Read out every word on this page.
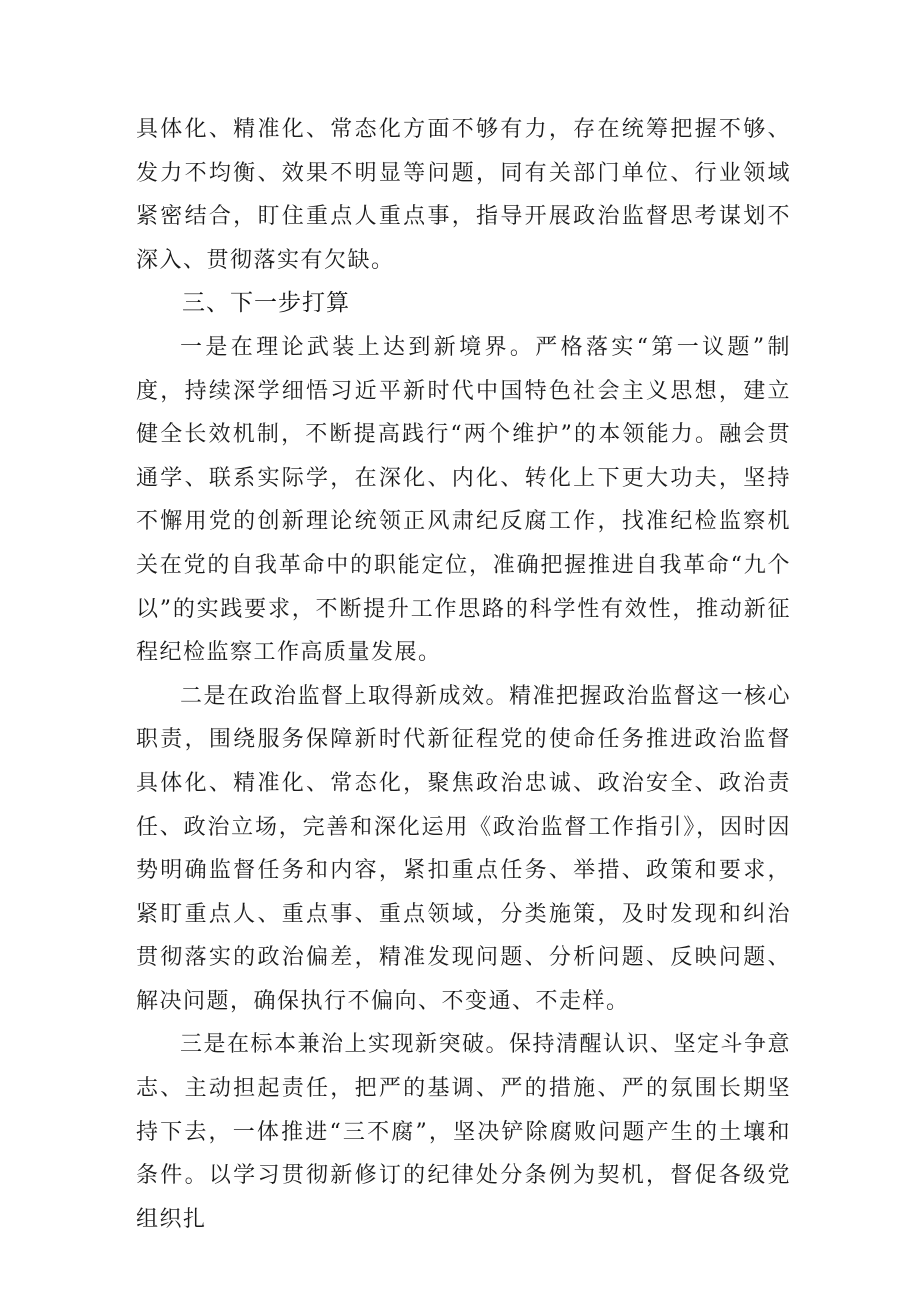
具体化、精准化、常态化方面不够有力，存在统筹把握不够、发力不均衡、效果不明显等问题，同有关部门单位、行业领域紧密结合，盯住重点人重点事，指导开展政治监督思考谋划不深入、贯彻落实有欠缺。

三、下一步打算

一是在理论武装上达到新境界。严格落实“第一议题”制度，持续深学细悟习近平新时代中国特色社会主义思想，建立健全长效机制，不断提高践行“两个维护”的本领能力。融会贯通学、联系实际学，在深化、内化、转化上下更大功夫，坚持不懈用党的创新理论统领正风肃纪反腐工作，找准纪检监察机关在党的自我革命中的职能定位，准确把握推进自我革命“九个以”的实践要求，不断提升工作思路的科学性有效性，推动新征程纪检监察工作高质量发展。

二是在政治监督上取得新成效。精准把握政治监督这一核心职责，围绕服务保障新时代新征程党的使命任务推进政治监督具体化、精准化、常态化，聚焦政治忠诚、政治安全、政治责任、政治立场，完善和深化运用《政治监督工作指引》，因时因势明确监督任务和内容，紧扣重点任务、举措、政策和要求，紧盯重点人、重点事、重点领域，分类施策，及时发现和纠治贯彻落实的政治偏差，精准发现问题、分析问题、反映问题、解决问题，确保执行不偏向、不变通、不走样。

三是在标本兼治上实现新突破。保持清醒认识、坚定斗争意志、主动担起责任，把严的基调、严的措施、严的氛围长期坚持下去，一体推进“三不腐”，坚决铲除腐败问题产生的土壤和条件。以学习贯彻新修订的纪律处分条例为契机，督促各级党组织扎
